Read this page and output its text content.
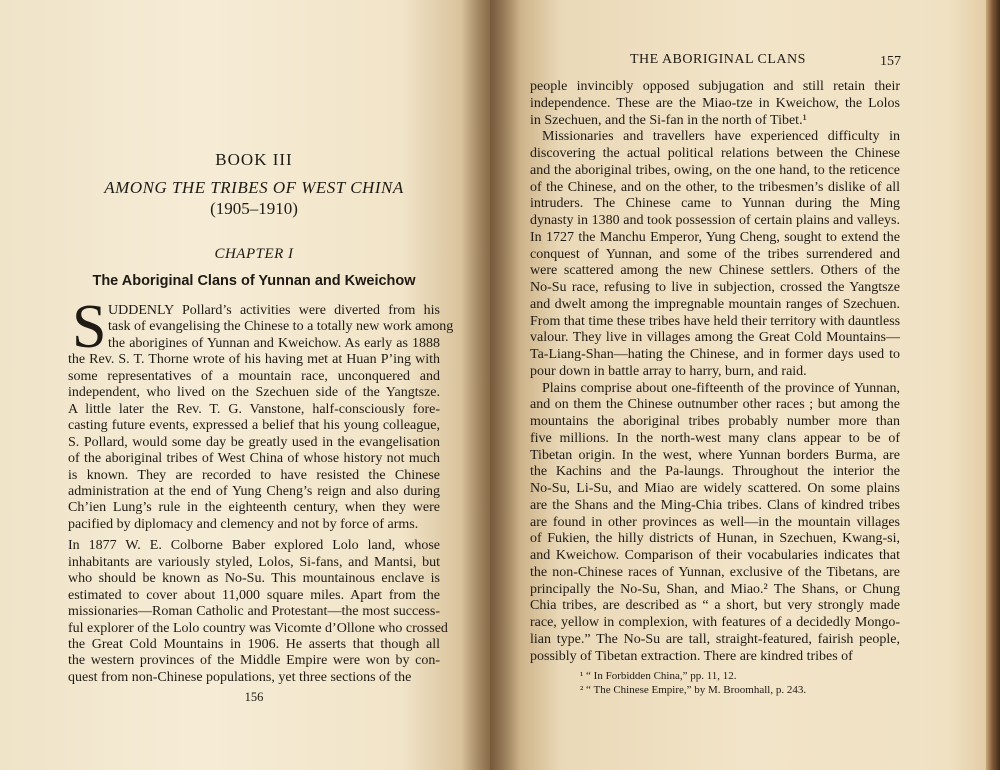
BOOK III
AMONG THE TRIBES OF WEST CHINA
(1905–1910)
CHAPTER I
The Aboriginal Clans of Yunnan and Kweichow
S UDDENLY Pollard’s activities were diverted from his
task of evangelising the Chinese to a totally new work among
the aborigines of Yunnan and Kweichow. As early as 1888
the Rev. S. T. Thorne wrote of his having met at Huan P’ing with
some representatives of a mountain race, unconquered and
independent, who lived on the Szechuen side of the Yangtsze.
A little later the Rev. T. G. Vanstone, half-consciously fore-
casting future events, expressed a belief that his young colleague,
S. Pollard, would some day be greatly used in the evangelisation
of the aboriginal tribes of West China of whose history not much
is known. They are recorded to have resisted the Chinese
administration at the end of Yung Cheng’s reign and also during
Ch’ien Lung’s rule in the eighteenth century, when they were
pacified by diplomacy and clemency and not by force of arms.
In 1877 W. E. Colborne Baber explored Lolo land, whose
inhabitants are variously styled, Lolos, Si-fans, and Mantsi, but
who should be known as No-Su. This mountainous enclave is
estimated to cover about 11,000 square miles. Apart from the
missionaries—Roman Catholic and Protestant—the most success-
ful explorer of the Lolo country was Vicomte d’Ollone who crossed
the Great Cold Mountains in 1906. He asserts that though all
the western provinces of the Middle Empire were won by con-
quest from non-Chinese populations, yet three sections of the
156
THE ABORIGINAL CLANS	157
people invincibly opposed subjugation and still retain their
independence. These are the Miao-tze in Kweichow, the Lolos
in Szechuen, and the Si-fan in the north of Tibet.¹
Missionaries and travellers have experienced difficulty in
discovering the actual political relations between the Chinese
and the aboriginal tribes, owing, on the one hand, to the reticence
of the Chinese, and on the other, to the tribesmen’s dislike of all
intruders. The Chinese came to Yunnan during the Ming
dynasty in 1380 and took possession of certain plains and valleys.
In 1727 the Manchu Emperor, Yung Cheng, sought to extend the
conquest of Yunnan, and some of the tribes surrendered and
were scattered among the new Chinese settlers. Others of the
No-Su race, refusing to live in subjection, crossed the Yangtsze
and dwelt among the impregnable mountain ranges of Szechuen.
From that time these tribes have held their territory with dauntless
valour. They live in villages among the Great Cold Mountains—
Ta-Liang-Shan—hating the Chinese, and in former days used to
pour down in battle array to harry, burn, and raid.
Plains comprise about one-fifteenth of the province of Yunnan,
and on them the Chinese outnumber other races ; but among the
mountains the aboriginal tribes probably number more than
five millions. In the north-west many clans appear to be of
Tibetan origin. In the west, where Yunnan borders Burma, are
the Kachins and the Pa-laungs. Throughout the interior the
No-Su, Li-Su, and Miao are widely scattered. On some plains
are the Shans and the Ming-Chia tribes. Clans of kindred tribes
are found in other provinces as well—in the mountain villages
of Fukien, the hilly districts of Hunan, in Szechuen, Kwang-si,
and Kweichow. Comparison of their vocabularies indicates that
the non-Chinese races of Yunnan, exclusive of the Tibetans, are
principally the No-Su, Shan, and Miao.² The Shans, or Chung
Chia tribes, are described as “ a short, but very strongly made
race, yellow in complexion, with features of a decidedly Mongo-
lian type.” The No-Su are tall, straight-featured, fairish people,
possibly of Tibetan extraction. There are kindred tribes of
¹ “ In Forbidden China,” pp. 11, 12.
² “ The Chinese Empire,” by M. Broomhall, p. 243.
